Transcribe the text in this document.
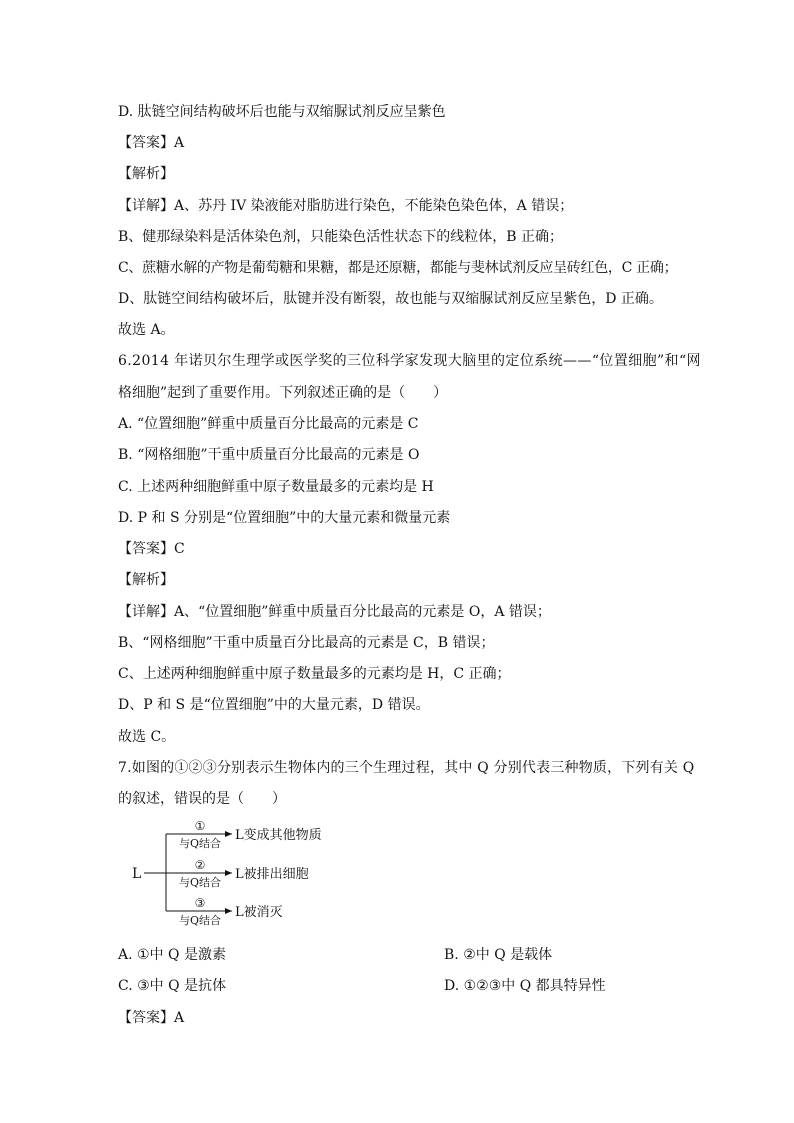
D. 肽链空间结构破坏后也能与双缩脲试剂反应呈紫色
【答案】A
【解析】
【详解】A、苏丹 IV 染液能对脂肪进行染色，不能染色染色体，A 错误；
B、健那绿染料是活体染色剂，只能染色活性状态下的线粒体，B 正确；
C、蔗糖水解的产物是葡萄糖和果糖，都是还原糖，都能与斐林试剂反应呈砖红色，C 正确；
D、肽链空间结构破坏后，肽键并没有断裂，故也能与双缩脲试剂反应呈紫色，D 正确。
故选 A。
6.2014 年诺贝尔生理学或医学奖的三位科学家发现大脑里的定位系统——“位置细胞”和“网
格细胞”起到了重要作用。下列叙述正确的是（　　）
A. “位置细胞”鲜重中质量百分比最高的元素是 C
B. “网格细胞”干重中质量百分比最高的元素是 O
C. 上述两种细胞鲜重中原子数量最多的元素均是 H
D. P 和 S 分别是“位置细胞”中的大量元素和微量元素
【答案】C
【解析】
【详解】A、“位置细胞”鲜重中质量百分比最高的元素是 O，A 错误；
B、“网格细胞”干重中质量百分比最高的元素是 C，B 错误；
C、上述两种细胞鲜重中原子数量最多的元素均是 H，C 正确；
D、P 和 S 是“位置细胞”中的大量元素，D 错误。
故选 C。
7.如图的①②③分别表示生物体内的三个生理过程，其中 Q 分别代表三种物质，下列有关 Q
的叙述，错误的是（　　）
L
①
与Q结合
L变成其他物质
②
与Q结合
L被排出细胞
③
与Q结合
L被消灭
A. ①中 Q 是激素	B. ②中 Q 是载体
C. ③中 Q 是抗体	D. ①②③中 Q 都具特异性
【答案】A
